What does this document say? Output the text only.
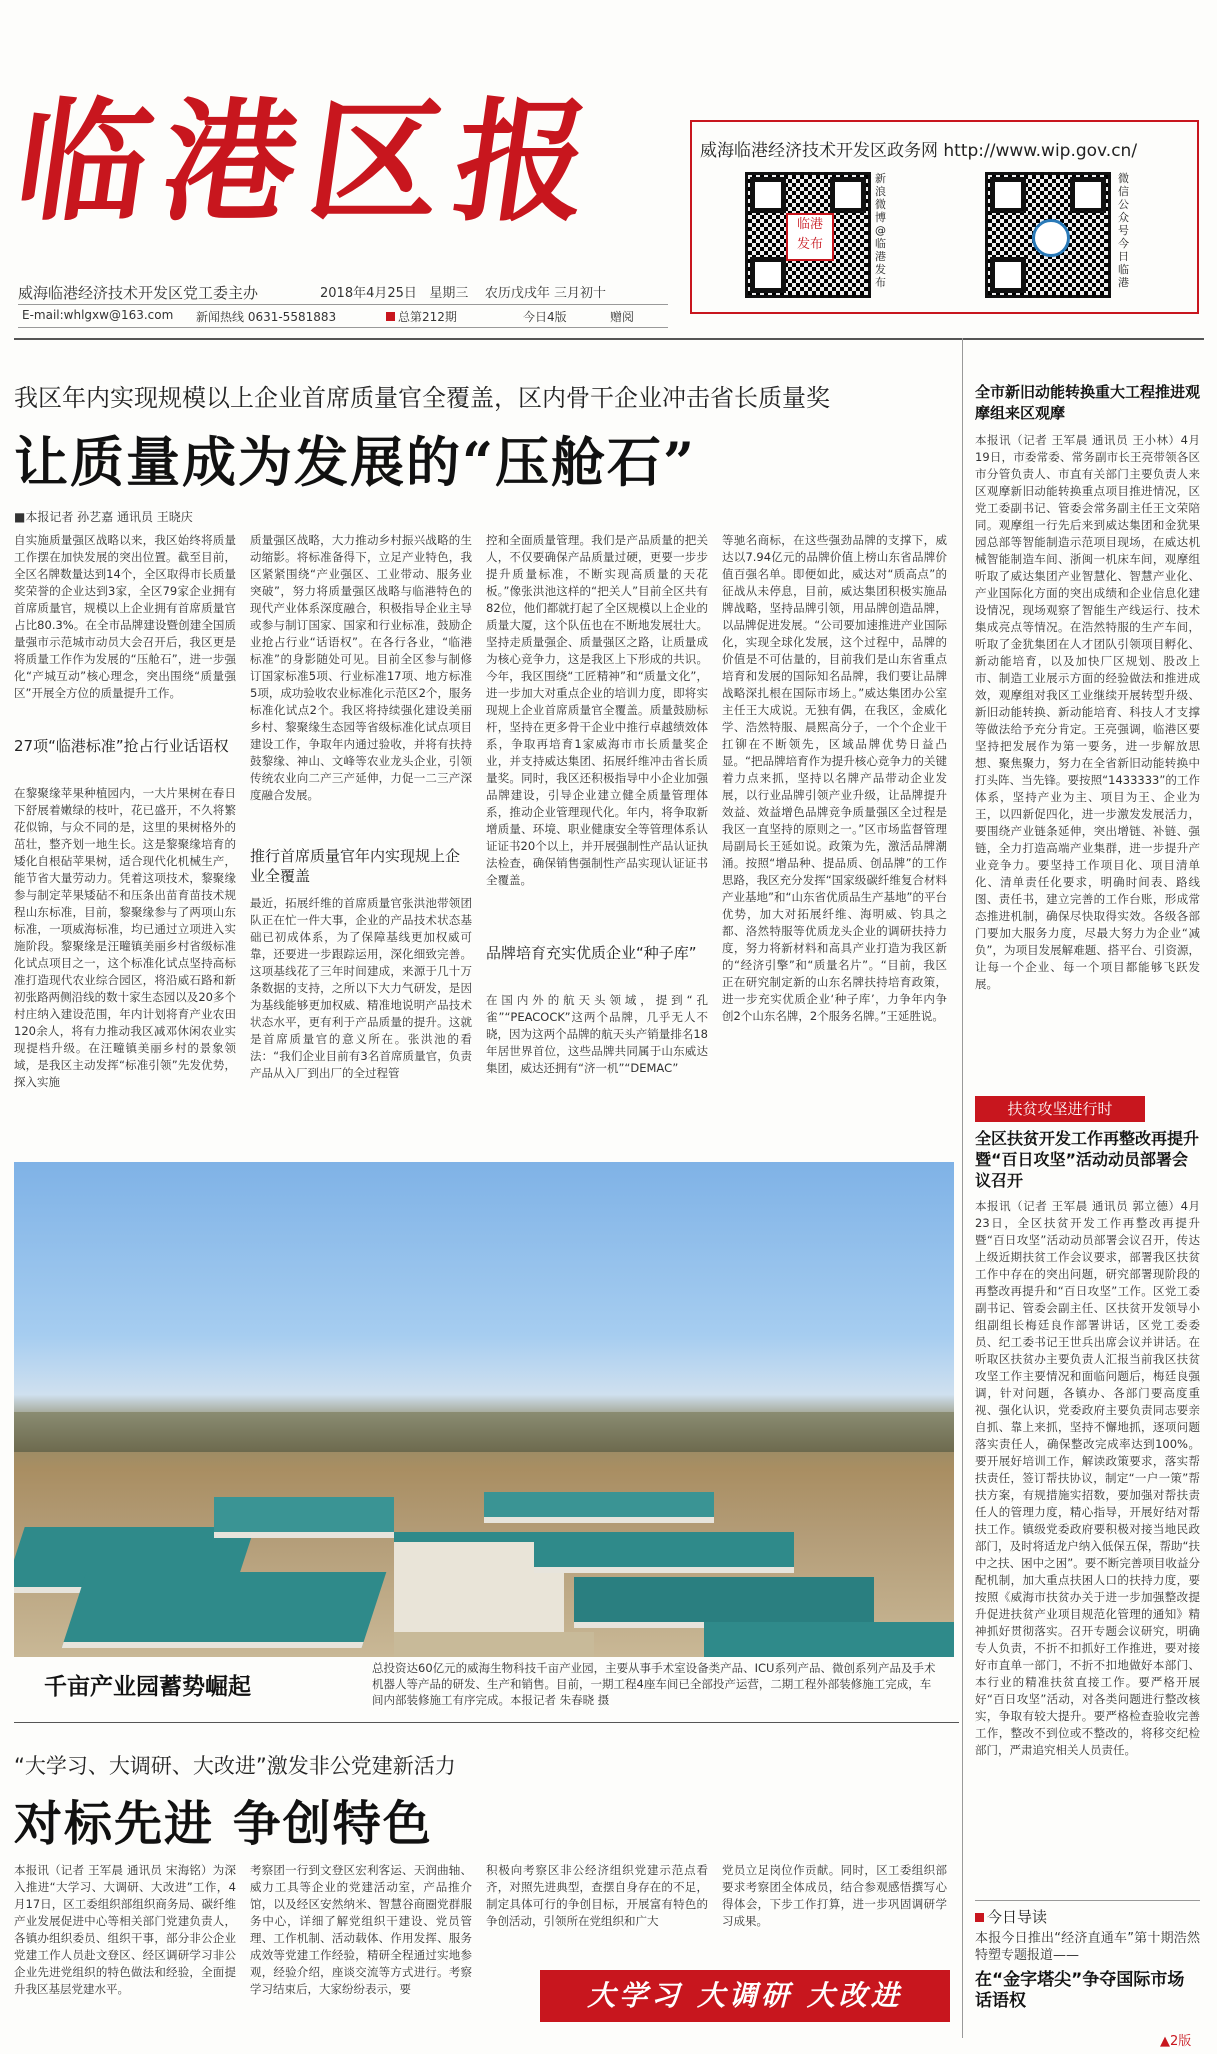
临港区报
威海临港经济技术开发区党工委主办	2018年4月25日 星期三 农历戊戌年 三月初十
E-mail:whlgxw@163.com 新闻热线 0631-5581883	总第212期	今日4版	赠阅
威海临港经济技术开发区政务网 http://www.wip.gov.cn/
临港
发布
新浪微博@临港发布
微信公众号今日临港
我区年内实现规模以上企业首席质量官全覆盖，区内骨干企业冲击省长质量奖
让质量成为发展的“压舱石”
■本报记者 孙艺嘉 通讯员 王晓庆
自实施质量强区战略以来，我区始终将质量工作摆在加快发展的突出位置。截至目前，全区名牌数量达到14个，全区取得市长质量奖荣誉的企业达到3家，全区79家企业拥有首席质量官，规模以上企业拥有首席质量官占比80.3%。在全市品牌建设暨创建全国质量强市示范城市动员大会召开后，我区更是将质量工作作为发展的“压舱石”，进一步强化“产城互动”核心理念，突出围绕“质量强区”开展全方位的质量提升工作。
27项“临港标准”抢占行业话语权
在黎聚缘苹果种植园内，一大片果树在春日下舒展着嫩绿的枝叶，花已盛开，不久将繁花似锦，与众不同的是，这里的果树格外的茁壮，整齐划一地生长。这是黎聚缘培育的矮化自根砧苹果树，适合现代化机械生产，能节省大量劳动力。凭着这项技术，黎聚缘参与制定苹果矮砧不和压条出苗育苗技术规程山东标准，目前，黎聚缘参与了两项山东标准，一项威海标准，均已通过立项进入实施阶段。黎聚缘是汪疃镇美丽乡村省级标准化试点项目之一，这个标准化试点坚持高标准打造现代农业综合园区，将沿威石路和新初张路两侧沿线的数十家生态园以及20多个村庄纳入建设范围，年内计划将育产业农田120余人，将有力推动我区减邓休闲农业实现提档升级。在汪疃镇美丽乡村的景象领域，是我区主动发挥“标准引领”先发优势，探入实施
质量强区战略，大力推动乡村振兴战略的生动缩影。将标准备得下，立足产业特色，我区紧紧围绕“产业强区、工业带动、服务业突破”，努力将质量强区战略与临港特色的现代产业体系深度融合，积极指导企业主导或参与制订国家、国家和行业标准，鼓励企业抢占行业“话语权”。在各行各业，“临港标准”的身影随处可见。目前全区参与制修订国家标准5项、行业标准17项、地方标准5项，成功验收农业标准化示范区2个，服务标准化试点2个。我区将持续强化建设美丽乡村、黎聚缘生态园等省级标准化试点项目建设工作，争取年内通过验收，并将有扶持鼓黎缘、神山、文峰等农业龙头企业，引领传统农业向二产三产延伸，力促一二三产深度融合发展。
推行首席质量官年内实现规上企业全覆盖
最近，拓展纤维的首席质量官张洪池带领团队正在忙一件大事，企业的产品技术状态基础已初成体系，为了保障基线更加权威可靠，还要进一步跟踪运用，深化细致完善。这项基线花了三年时间建成，来源于几十万条数据的支持，之所以下大力气研发，是因为基线能够更加权威、精准地说明产品技术状态水平，更有利于产品质量的提升。这就是首席质量官的意义所在。张洪池的看法：“我们企业目前有3名首席质量官，负责产品从入厂到出厂的全过程管
控和全面质量管理。我们是产品质量的把关人，不仅要确保产品质量过硬，更要一步步提升质量标准，不断实现高质量的天花板。”像张洪池这样的“把关人”目前全区共有82位，他们都就打起了全区规模以上企业的质量大厦，这个队伍也在不断地发展壮大。坚持走质量强企、质量强区之路，让质量成为核心竞争力，这是我区上下形成的共识。今年，我区围绕“工匠精神”和“质量文化”，进一步加大对重点企业的培训力度，即将实现规上企业首席质量官全覆盖。质量鼓励标杆，坚持在更多骨干企业中推行卓越绩效体系，争取再培育1家威海市市长质量奖企业，并支持威达集团、拓展纤维冲击省长质量奖。同时，我区还积极指导中小企业加强品牌建设，引导企业建立健全质量管理体系，推动企业管理现代化。年内，将争取新增质量、环境、职业健康安全等管理体系认证证书20个以上，并开展强制性产品认证执法检查，确保销售强制性产品实现认证证书全覆盖。
品牌培育充实优质企业“种子库”
在国内外的航天头领域，提到“孔雀”“PEACOCK”这两个品牌，几乎无人不晓，因为这两个品牌的航天头产销量排名18年居世界首位，这些品牌共同属于山东威达集团，威达还拥有“济一机”“DEMAC”
等驰名商标，在这些强劲品牌的支撑下，威达以7.94亿元的品牌价值上榜山东省品牌价值百强名单。即便如此，威达对“质高点”的征战从未停息，目前，威达集团积极实施品牌战略，坚持品牌引领，用品牌创造品牌，以品牌促进发展。“公司要加速推进产业国际化，实现全球化发展，这个过程中，品牌的价值是不可估量的，目前我们是山东省重点培育和发展的国际知名品牌，我们要让品牌战略深扎根在国际市场上。”威达集团办公室主任王大成说。无独有偶，在我区，金威化学、浩然特服、晨熙高分子，一个个企业干扛铆在不断领先，区域品牌优势日益凸显。“把品牌培育作为提升核心竞争力的关键着力点来抓，坚持以名牌产品带动企业发展，以行业品牌引领产业升级，让品牌提升效益、效益增色品牌竞争质量强区全过程是我区一直坚持的原则之一。”区市场监督管理局副局长王延如说。政策为先，激活品牌潮涌。按照“增品种、提品质、创品牌”的工作思路，我区充分发挥“国家级碳纤维复合材料产业基地”和“山东省优质品生产基地”的平台优势，加大对拓展纤维、海明威、钧具之都、洛然特服等优质龙头企业的调研扶持力度，努力将新材料和高具产业打造为我区新的“经济引擎”和“质量名片”。“目前，我区正在研究制定新的山东名牌扶持培育政策，进一步充实优质企业‘种子库’，力争年内争创2个山东名牌，2个服务名牌。”王延胜说。
千亩产业园蓄势崛起
总投资达60亿元的威海生物科技千亩产业园，主要从事手术室设备类产品、ICU系列产品、微创系列产品及手术机器人等产品的研发、生产和销售。目前，一期工程4座车间已全部投产运营，二期工程外部装修施工完成，车间内部装修施工有序完成。本报记者 朱春晓 摄
“大学习、大调研、大改进”激发非公党建新活力
对标先进 争创特色
本报讯（记者 王军晨 通讯员 宋海铭）为深入推进“大学习、大调研、大改进”工作，4月17日，区工委组织部组织商务局、碳纤维产业发展促进中心等相关部门党建负责人，各镇办组织委员、组织干事，部分非公企业党建工作人员赴文登区、经区调研学习非公企业先进党组织的特色做法和经验，全面提升我区基层党建水平。
考察团一行到文登区宏利客运、天润曲轴、威力工具等企业的党建活动室，产品推介馆，以及经区安然纳米、智慧谷商圈党群服务中心，详细了解党组织干建设、党员管理、工作机制、活动载体、作用发挥、服务成效等党建工作经验，精研全程通过实地参观，经验介绍，座谈交流等方式进行。考察学习结束后，大家纷纷表示，要
积极向考察区非公经济组织党建示范点看齐，对照先进典型，查摆自身存在的不足，制定具体可行的争创目标，开展富有特色的争创活动，引领所在党组织和广大
党员立足岗位作贡献。同时，区工委组织部要求考察团全体成员，结合参观感悟撰写心得体会，下步工作打算，进一步巩固调研学习成果。
大学习 大调研 大改进
全市新旧动能转换重大工程推进观摩组来区观摩
本报讯（记者 王军晨 通讯员 王小林）4月19日，市委常委、常务副市长王亮带领各区市分管负责人、市直有关部门主要负责人来区观摩新旧动能转换重点项目推进情况，区党工委副书记、管委会常务副主任王文荣陪同。观摩组一行先后来到威达集团和金犹果园总部等智能制造示范项目现场，在威达机械智能制造车间、浙闽一机床车间，观摩组听取了威达集团产业智慧化、智慧产业化、产业国际化方面的突出成绩和企业信息化建设情况，现场观察了智能生产线运行、技术集成亮点等情况。在浩然特服的生产车间，听取了金犹集团在人才团队引领项目孵化、新动能培育，以及加快厂区规划、股改上市、制造工业展示方面的经验做法和推进成效，观摩组对我区工业继续开展转型升级、新旧动能转换、新动能培育、科技人才支撑等做法给予充分肯定。王亮强调，临港区要坚持把发展作为第一要务，进一步解放思想、聚焦聚力，努力在全省新旧动能转换中打头阵、当先锋。要按照“1433333”的工作体系，坚持产业为主、项目为王、企业为王，以四新促四化，进一步激发发展活力，要围绕产业链条延伸，突出增链、补链、强链，全力打造高端产业集群，进一步提升产业竞争力。要坚持工作项目化、项目清单化、清单责任化要求，明确时间表、路线图、责任书，建立完善的工作台账，形成常态推进机制，确保尽快取得实效。各级各部门要加大服务力度，尽最大努力为企业“减负”，为项目发展解难题、搭平台、引资源，让每一个企业、每一个项目都能够飞跃发展。
扶贫攻坚进行时
全区扶贫开发工作再整改再提升暨“百日攻坚”活动动员部署会议召开
本报讯（记者 王军晨 通讯员 郭立德）4月23日，全区扶贫开发工作再整改再提升暨“百日攻坚”活动动员部署会议召开，传达上级近期扶贫工作会议要求，部署我区扶贫工作中存在的突出问题，研究部署现阶段的再整改再提升和“百日攻坚”工作。区党工委副书记、管委会副主任、区扶贫开发领导小组副组长梅廷良作部署讲话，区党工委委员、纪工委书记王世兵出席会议并讲话。在听取区扶贫办主要负责人汇报当前我区扶贫攻坚工作主要情况和面临问题后，梅廷良强调，针对问题，各镇办、各部门要高度重视、强化认识，党委政府主要负责同志要亲自抓、靠上来抓，坚持不懈地抓，逐项问题落实责任人，确保整改完成率达到100%。要开展好培训工作，解读政策要求，落实帮扶责任，签订帮扶协议，制定“一户一策”帮扶方案，有规措施实招数，要加强对帮扶责任人的管理力度，精心指导，开展好结对帮扶工作。镇级党委政府要积极对接当地民政部门，及时将适龙户纳入低保五保，帮助“扶中之扶、困中之困”。要不断完善项目收益分配机制，加大重点扶困人口的扶持力度，要按照《威海市扶贫办关于进一步加强整改提升促进扶贫产业项目规范化管理的通知》精神抓好贯彻落实。召开专题会议研究，明确专人负责，不折不扣抓好工作推进，要对接好市直单一部门，不折不扣地做好本部门、本行业的精准扶贫直接工作。要严格开展好“百日攻坚”活动，对各类问题进行整改核实，争取有较大提升。要严格检查验收完善工作，整改不到位或不整改的，将移交纪检部门，严肃追究相关人员责任。
今日导读
本报今日推出“经济直通车”第十期浩然特塑专题报道——
在“金字塔尖”争夺国际市场话语权
▲2版
